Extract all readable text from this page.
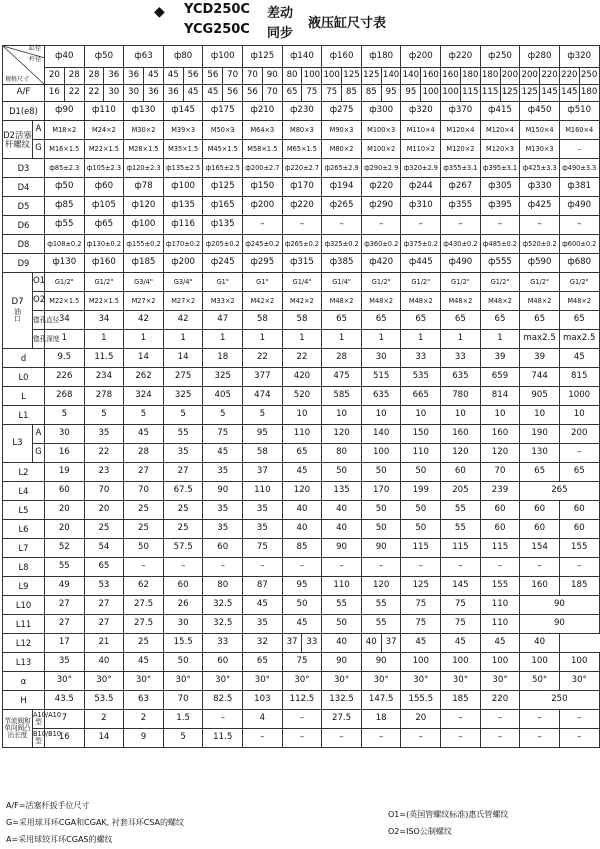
◆ YCD250C 差动
YCG250C 同步
液压缸尺寸表
缸径
杆径
规格尺寸		ф40		ф50		ф63		ф80		ф100		ф125		ф140		ф160		ф180		ф200		ф220		ф250		ф280		ф320	
		20	28	28	36	36	45	45	56	56	70	70	90	80	100	100	125	125	140	140	160	160	180	180	200	200	220	220	250
A/F		16	22	22	30	30	36	36	45	45	56	56	70	65	75	75	85	85	95	95	100	100	115	115	125	125	145	145	180
D1(e8)		ф90		ф110		ф130		ф145		ф175		ф210		ф230		ф275		ф300		ф320		ф370		ф415		ф450		ф510	
D2活塞杆螺纹	A	M18×2		M24×2		M30×2		M39×3		M50×3		M64×3		M80×3		M90×3		M100×3		M110×4		M120×4		M120×4		M150×4		M160×4	
	G	M16×1.5		M22×1.5		M28×1.5		M35×1.5		M45×1.5		M58×1.5		M65×1.5		M80×2		M100×2		M110×2		M120×2		M120×3		M130×3		–	
D3		ф85±2.3		ф105±2.3		ф120±2.3		ф135±2.5		ф165±2.5		ф200±2.7		ф220±2.7		ф265±2.9		ф290±2.9		ф320±2.9		ф355±3.1		ф395±3.1		ф425±3.3		ф490±3.3	
D4		ф50		ф60		ф78		ф100		ф125		ф150		ф170		ф194		ф220		ф244		ф267		ф305		ф330		ф381	
D5		ф85		ф105		ф120		ф135		ф165		ф200		ф220		ф265		ф290		ф310		ф355		ф395		ф425		ф490	
D6		ф55		ф65		ф100		ф116		ф135		–		–		–		–		–		–		–		–		–	
D8		ф108±0.2		ф130±0.2		ф155±0.2		ф170±0.2		ф205±0.2		ф245±0.2		ф265±0.2		ф325±0.2		ф360±0.2		ф375±0.2		ф430±0.2		ф485±0.2		ф520±0.2		ф600±0.2	
D9		ф130		ф160		ф185		ф200		ф245		ф295		ф315		ф385		ф420		ф445		ф490		ф555		ф590		ф680	

D7
油口	O1	G1/2"		G1/2"		G3/4"		G3/4"		G1"		G1"		G1/4"		G1/4"		G1/2"		G1/2"		G1/2"		G1/2"		G1/2"		G1/2"	
	O2	M22×1.5		M22×1.5		M27×2		M27×2		M33×2		M42×2		M42×2		M48×2		M48×2		M48×2		M48×2		M48×2		M48×2		M48×2	
	锪孔直径	34		34		42		42		47		58		58		65		65		65		65		65		65		65	
	锪孔深度	1		1		1		1		1		1		1		1		1		1		1		1		max2.5		max2.5	
d		9.5		11.5		14		14		18		22		22		28		30		33		33		39		39		45	
L0		226		234		262		275		325		377		420		475		515		535		635		659		744		815	
L		268		278		324		325		405		474		520		585		635		665		780		814		905		1000	
L1		5		5		5		5		5		5		10		10		10		10		10		10		10		10	
L3	A	30		35		45		55		75		95		110		120		140		150		160		160		190		200	
	G	16		22		28		35		45		58		65		80		100		110		120		120		130		–	
L2		19		23		27		27		35		37		45		50		50		50		60		70		65		65	
L4		60		70		70		67.5		90		110		120		135		170		199		205		239		265			
L5		20		20		25		25		35		35		40		40		50		50		55		60		60		60	
L6		20		25		25		25		35		35		40		40		50		50		55		60		60		60	
L7		52		54		50		57.5		60		75		85		90		90		115		115		115		154		155	
L8		55		65		–		–		–		–		–		–		–		–		–		–		–		–	
L9		49		53		62		60		80		87		95		110		120		125		145		155		160		185	
L10		27		27		27.5		26		32.5		45		50		55		55		75		75		110		90			
L11		27		27		27.5		30		32.5		35		45		50		55		75		75		110		90			
L12		17		21		25		15.5		33		32		37	33	40		40	37	45		45		45		40			
L13		35		40		45		50		60		65		75		90		90		100		100		100		100		100	
α		30°		30°		30°		30°		30°		30°		30°		30°		30°		30°		30°		30°		50°		30°	
H		43.5		53.5		63		70		82.5		103		112.5		132.5		147.5		155.5		185		220		250			
节流阀和单向阀凸出长度	A10/A10型	7		2		2		1.5		–		4		–		27.5		18		20		–		–		–		–	
	B10/B10型	16		14		9		5		11.5		–		–		–		–		–		–		–		–		–	
A/F=活塞杆扳手位尺寸
G=采用球耳环CGA和CGAK, 衬套耳环CSA的螺纹
A=采用球铰耳环CGAS的螺纹
O1=(英国管螺纹标准)惠氏管螺纹
O2=ISO公制螺纹
